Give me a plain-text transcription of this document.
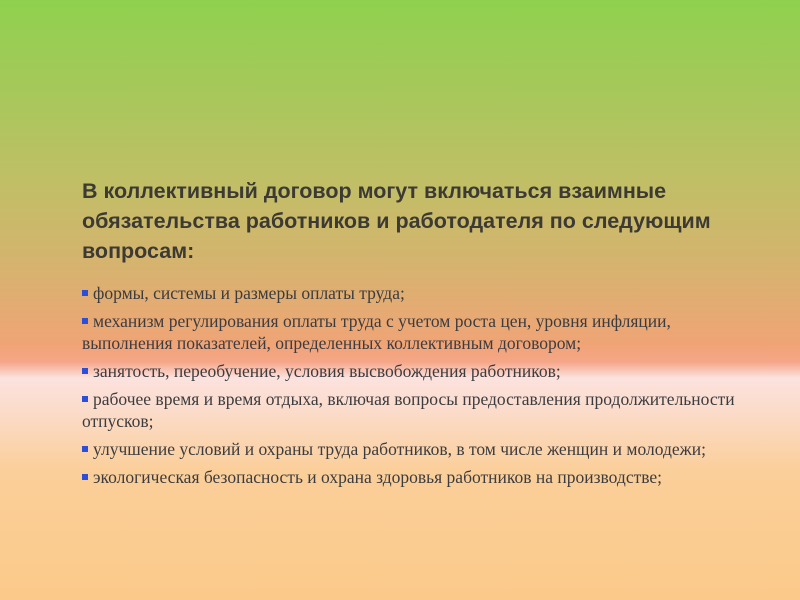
В коллективный договор могут включаться взаимные обязательства работников и работодателя по следующим вопросам:
формы, системы и размеры оплаты труда;
механизм регулирования оплаты труда с учетом роста цен, уровня инфляции, выполнения показателей, определенных коллективным договором;
занятость, переобучение, условия высвобождения работников;
рабочее время и время отдыха, включая вопросы предоставления продолжительности отпусков;
улучшение условий и охраны труда работников, в том числе женщин и молодежи;
экологическая безопасность и охрана здоровья работников на производстве;
